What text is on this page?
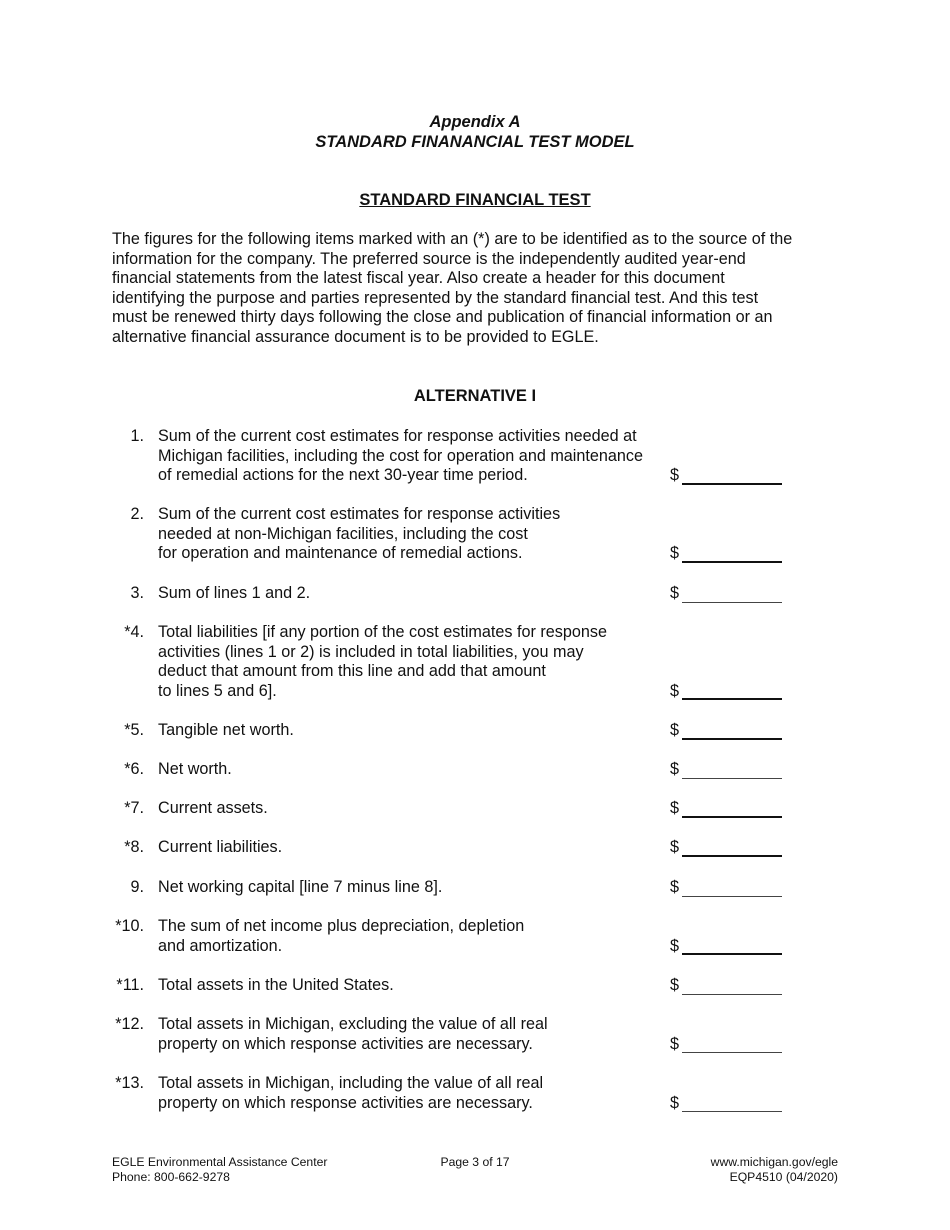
Appendix A
STANDARD FINANANCIAL TEST MODEL
STANDARD FINANCIAL TEST
The figures for the following items marked with an (*) are to be identified as to the source of the
information for the company. The preferred source is the independently audited year-end
financial statements from the latest fiscal year. Also create a header for this document
identifying the purpose and parties represented by the standard financial test. And this test
must be renewed thirty days following the close and publication of financial information or an
alternative financial assurance document is to be provided to EGLE.
ALTERNATIVE I
1. Sum of the current cost estimates for response activities needed at
Michigan facilities, including the cost for operation and maintenance
of remedial actions for the next 30-year time period.	$
2. Sum of the current cost estimates for response activities
needed at non-Michigan facilities, including the cost
for operation and maintenance of remedial actions.	$
3. Sum of lines 1 and 2.	$
*4. Total liabilities [if any portion of the cost estimates for response
activities (lines 1 or 2) is included in total liabilities, you may
deduct that amount from this line and add that amount
to lines 5 and 6].	$
*5. Tangible net worth.	$
*6. Net worth.	$
*7. Current assets.	$
*8. Current liabilities.	$
9. Net working capital [line 7 minus line 8].	$
*10. The sum of net income plus depreciation, depletion
and amortization.	$
*11. Total assets in the United States.	$
*12. Total assets in Michigan, excluding the value of all real
property on which response activities are necessary.	$
*13. Total assets in Michigan, including the value of all real
property on which response activities are necessary.	$
EGLE Environmental Assistance Center
Phone: 800-662-9278
Page 3 of 17	www.michigan.gov/egle
EQP4510 (04/2020)
